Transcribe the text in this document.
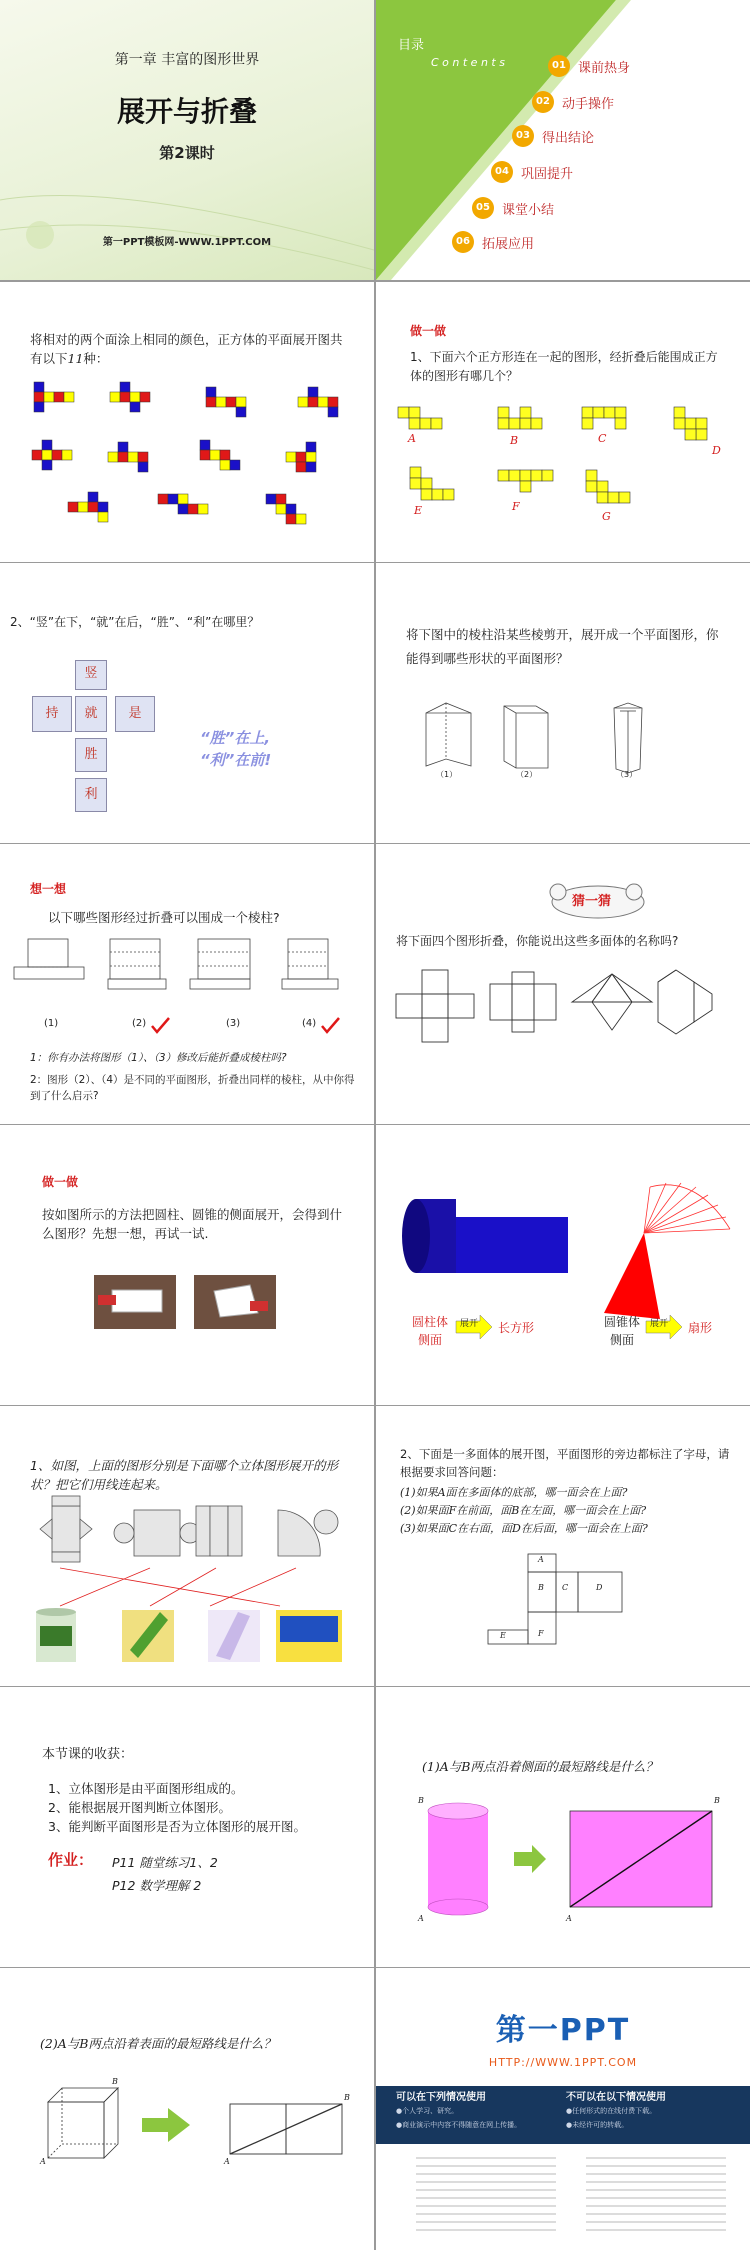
第一章 丰富的图形世界
展开与折叠
第2课时
第一PPT模板网-WWW.1PPT.COM
目录
C o n t e n t s	01 课前热身
02 动手操作
03 得出结论
04 巩固提升
05 课堂小结
06 拓展应用
将相对的两个面涂上相同的颜色，正方体的平面展开图共有以下11种：
做一做
1、下面六个正方形连在一起的图形，经折叠后能围成正方体的图形有哪几个？
A	B	C
D
E	F
G
2、“竖”在下，“就”在后，“胜”、“利”在哪里？
竖
持	就	是
胜
利
“胜”在上,
“利”在前!
将下图中的棱柱沿某些棱剪开，展开成一个平面图形，你能得到哪些形状的平面图形？
（1）	（2）	（3）
想一想
以下哪些图形经过折叠可以围成一个棱柱?
(1)	(2)	(3)	(4)
1：你有办法将图形（1）、（3）修改后能折叠成棱柱吗?
2：图形（2）、（4）是不同的平面图形，折叠出同样的棱柱，从中你得到了什么启示?
猜一猜
将下面四个图形折叠，你能说出这些多面体的名称吗?
做一做
按如图所示的方法把圆柱、圆锥的侧面展开，会得到什么图形？先想一想，再试一试.
圆柱体
侧面
展开 长方形	圆锥体
侧面
展开 扇形
1、如图，上面的图形分别是下面哪个立体图形展开的形状？把它们用线连起来。
2、下面是一多面体的展开图，平面图形的旁边都标注了字母，请根据要求回答问题：
(1)如果A面在多面体的底部，哪一面会在上面?
(2)如果面F在前面，面B在左面，哪一面会在上面?
(3)如果面C在右面，面D在后面，哪一面会在上面?
A
B C	D
E	F
本节课的收获：
1、立体图形是由平面图形组成的。
2、能根据展开图判断立体图形。
3、能判断平面图形是否为立体图形的展开图。
作业： P11 随堂练习1、2
P12 数学理解 2
(1)A与B两点沿着侧面的最短路线是什么？
B
A
B
A
(2)A与B两点沿着表面的最短路线是什么？
B
A
B
A
第一PPT
HTTP://WWW.1PPT.COM
可以在下列情况使用
●个人学习、研究。
●商业演示中内容不得随意在网上传播。
不可以在以下情况使用
●任何形式的在线付费下载。
●未经许可的转载。
